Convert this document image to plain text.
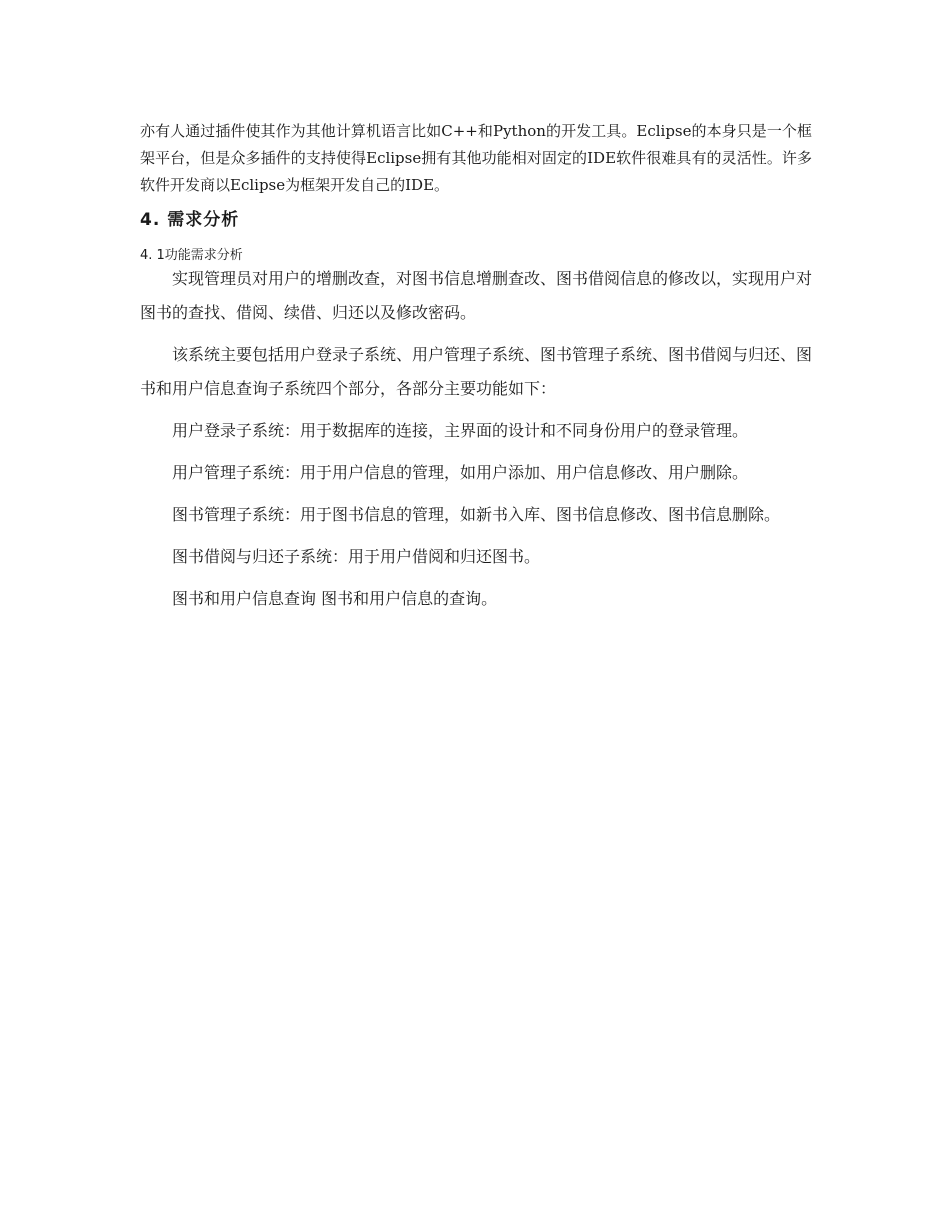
亦有人通过插件使其作为其他计算机语言比如C++和Python的开发工具。Eclipse的本身只是一个框架平台，但是众多插件的支持使得Eclipse拥有其他功能相对固定的IDE软件很难具有的灵活性。许多软件开发商以Eclipse为框架开发自己的IDE。

4. 需求分析
4. 1功能需求分析

实现管理员对用户的增删改查，对图书信息增删查改、图书借阅信息的修改以，实现用户对图书的查找、借阅、续借、归还以及修改密码。

该系统主要包括用户登录子系统、用户管理子系统、图书管理子系统、图书借阅与归还、图书和用户信息查询子系统四个部分，各部分主要功能如下：

用户登录子系统：用于数据库的连接，主界面的设计和不同身份用户的登录管理。

用户管理子系统：用于用户信息的管理，如用户添加、用户信息修改、用户删除。

图书管理子系统：用于图书信息的管理，如新书入库、图书信息修改、图书信息删除。

图书借阅与归还子系统：用于用户借阅和归还图书。

图书和用户信息查询 图书和用户信息的查询。
